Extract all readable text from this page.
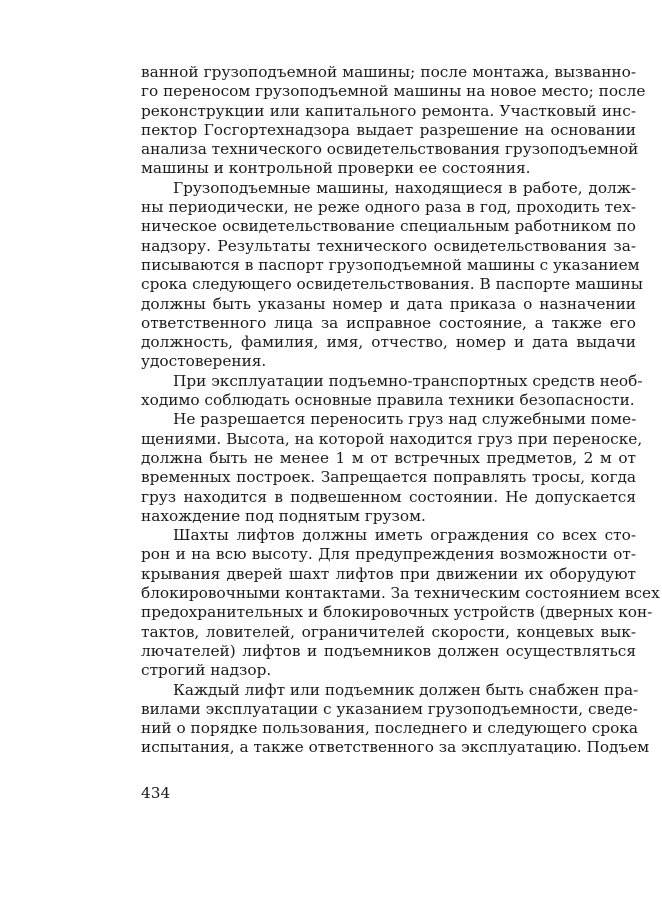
ванной грузоподъемной машины; после монтажа, вызванно-
го переносом грузоподъемной машины на новое место; после
реконструкции или капитального ремонта. Участковый инс-
пектор Госгортехнадзора выдает разрешение на основании
анализа технического освидетельствования грузоподъемной
машины и контрольной проверки ее состояния.
Грузоподъемные машины, находящиеся в работе, долж-
ны периодически, не реже одного раза в год, проходить тех-
ническое освидетельствование специальным работником по
надзору. Результаты технического освидетельствования за-
писываются в паспорт грузоподъемной машины с указанием
срока следующего освидетельствования. В паспорте машины
должны быть указаны номер и дата приказа о назначении
ответственного лица за исправное состояние, а также его
должность, фамилия, имя, отчество, номер и дата выдачи
удостоверения.
При эксплуатации подъемно-транспортных средств необ-
ходимо соблюдать основные правила техники безопасности.
Не разрешается переносить груз над служебными поме-
щениями. Высота, на которой находится груз при переноске,
должна быть не менее 1 м от встречных предметов, 2 м от
временных построек. Запрещается поправлять тросы, когда
груз находится в подвешенном состоянии. Не допускается
нахождение под поднятым грузом.
Шахты лифтов должны иметь ограждения со всех сто-
рон и на всю высоту. Для предупреждения возможности от-
крывания дверей шахт лифтов при движении их оборудуют
блокировочными контактами. За техническим состоянием всех
предохранительных и блокировочных устройств (дверных кон-
тактов, ловителей, ограничителей скорости, концевых вык-
лючателей) лифтов и подъемников должен осуществляться
строгий надзор.
Каждый лифт или подъемник должен быть снабжен пра-
вилами эксплуатации с указанием грузоподъемности, сведе-
ний о порядке пользования, последнего и следующего срока
испытания, а также ответственного за эксплуатацию. Подъем
434
